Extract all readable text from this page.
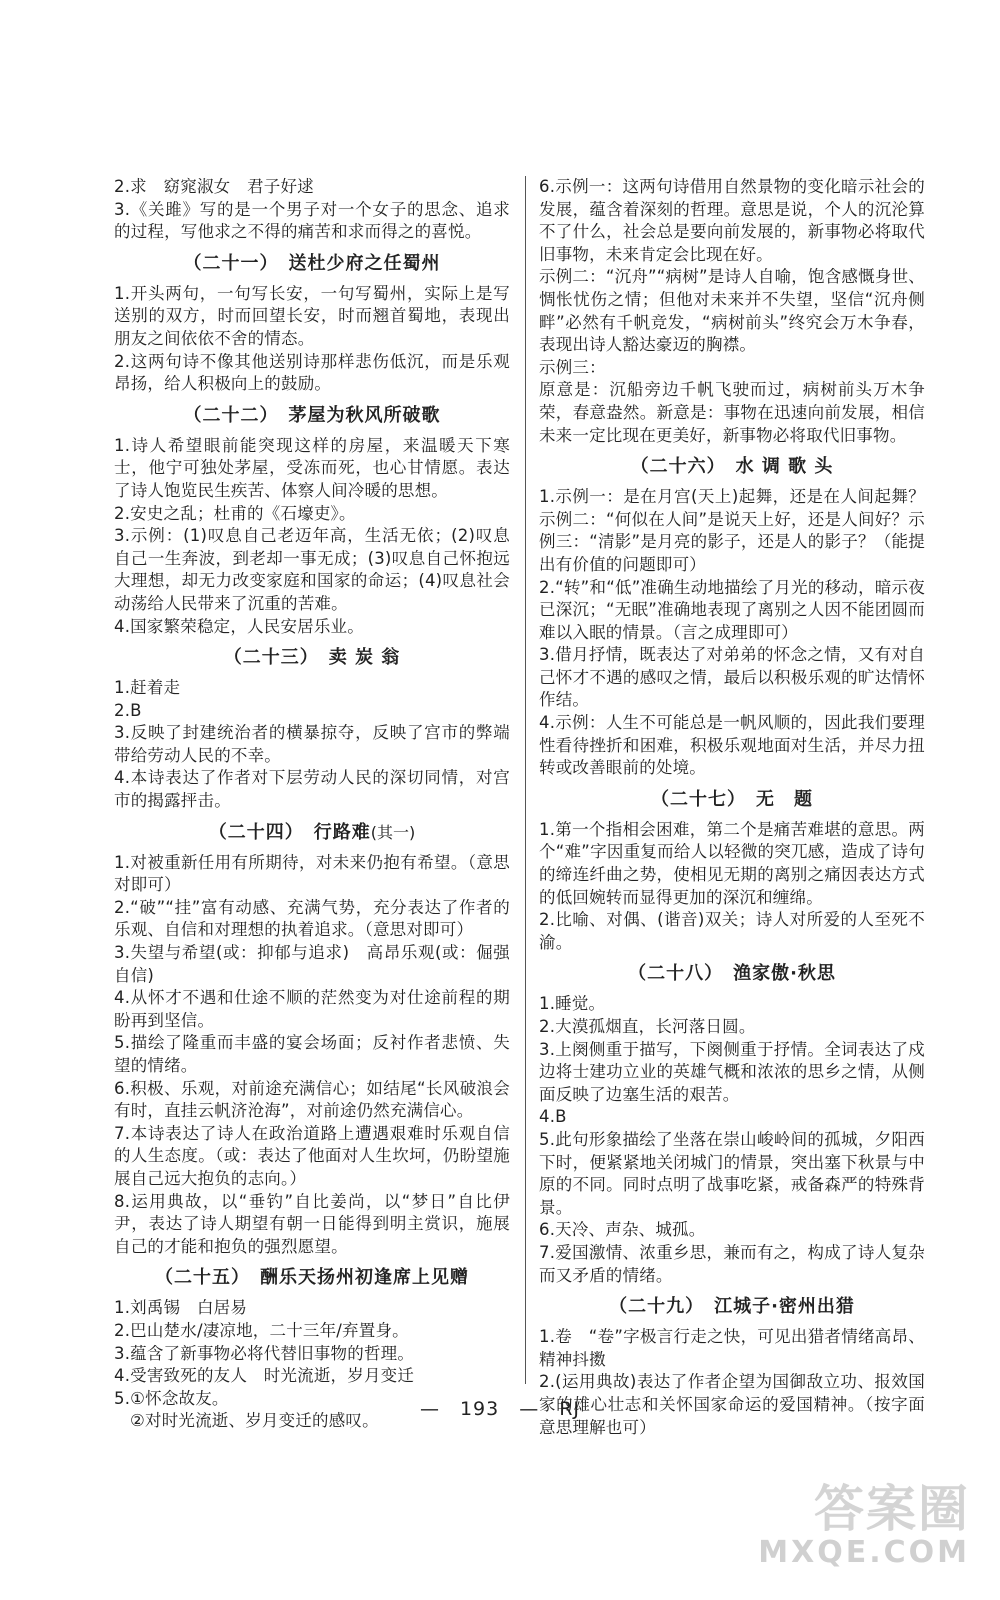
2.求　窈窕淑女　君子好逑

3.《关雎》写的是一个男子对一个女子的思念、追求的过程，写他求之不得的痛苦和求而得之的喜悦。

（二十一）　送杜少府之任蜀州

1.开头两句，一句写长安，一句写蜀州，实际上是写送别的双方，时而回望长安，时而翘首蜀地，表现出朋友之间依依不舍的情态。

2.这两句诗不像其他送别诗那样悲伤低沉，而是乐观昂扬，给人积极向上的鼓励。

（二十二）　茅屋为秋风所破歌

1.诗人希望眼前能突现这样的房屋，来温暖天下寒士，他宁可独处茅屋，受冻而死，也心甘情愿。表达了诗人饱览民生疾苦、体察人间冷暖的思想。

2.安史之乱；杜甫的《石壕吏》。

3.示例：(1)叹息自己老迈年高，生活无依；(2)叹息自己一生奔波，到老却一事无成；(3)叹息自己怀抱远大理想，却无力改变家庭和国家的命运；(4)叹息社会动荡给人民带来了沉重的苦难。

4.国家繁荣稳定，人民安居乐业。

（二十三）　卖 炭 翁

1.赶着走

2.B

3.反映了封建统治者的横暴掠夺，反映了宫市的弊端带给劳动人民的不幸。

4.本诗表达了作者对下层劳动人民的深切同情，对宫市的揭露抨击。

（二十四）　行路难(其一)

1.对被重新任用有所期待，对未来仍抱有希望。（意思对即可）

2.“破”“挂”富有动感、充满气势，充分表达了作者的乐观、自信和对理想的执着追求。（意思对即可）

3.失望与希望(或：抑郁与追求)　高昂乐观(或：倔强自信)

4.从怀才不遇和仕途不顺的茫然变为对仕途前程的期盼再到坚信。

5.描绘了隆重而丰盛的宴会场面；反衬作者悲愤、失望的情绪。

6.积极、乐观，对前途充满信心；如结尾“长风破浪会有时，直挂云帆济沧海”，对前途仍然充满信心。

7.本诗表达了诗人在政治道路上遭遇艰难时乐观自信的人生态度。（或：表达了他面对人生坎坷，仍盼望施展自己远大抱负的志向。）

8.运用典故，以“垂钓”自比姜尚，以“梦日”自比伊尹，表达了诗人期望有朝一日能得到明主赏识，施展自己的才能和抱负的强烈愿望。

（二十五）　酬乐天扬州初逢席上见赠

1.刘禹锡　白居易

2.巴山楚水/凄凉地，二十三年/弃置身。

3.蕴含了新事物必将代替旧事物的哲理。

4.受害致死的友人　时光流逝，岁月变迁

5.①怀念故友。

②对时光流逝、岁月变迁的感叹。

6.示例一：这两句诗借用自然景物的变化暗示社会的发展，蕴含着深刻的哲理。意思是说，个人的沉沦算不了什么，社会总是要向前发展的，新事物必将取代旧事物，未来肯定会比现在好。

示例二：“沉舟”“病树”是诗人自喻，饱含感慨身世、惆怅忧伤之情；但他对未来并不失望，坚信“沉舟侧畔”必然有千帆竞发，“病树前头”终究会万木争春，表现出诗人豁达豪迈的胸襟。

示例三：

原意是：沉船旁边千帆飞驶而过，病树前头万木争荣，春意盎然。新意是：事物在迅速向前发展，相信未来一定比现在更美好，新事物必将取代旧事物。

（二十六）　水 调 歌 头

1.示例一：是在月宫(天上)起舞，还是在人间起舞？示例二：“何似在人间”是说天上好，还是人间好？示例三：“清影”是月亮的影子，还是人的影子？（能提出有价值的问题即可）

2.“转”和“低”准确生动地描绘了月光的移动，暗示夜已深沉；“无眠”准确地表现了离别之人因不能团圆而难以入眠的情景。（言之成理即可）

3.借月抒情，既表达了对弟弟的怀念之情，又有对自己怀才不遇的感叹之情，最后以积极乐观的旷达情怀作结。

4.示例：人生不可能总是一帆风顺的，因此我们要理性看待挫折和困难，积极乐观地面对生活，并尽力扭转或改善眼前的处境。

（二十七）　无　题

1.第一个指相会困难，第二个是痛苦难堪的意思。两个“难”字因重复而给人以轻微的突兀感，造成了诗句的缔连纤曲之势，使相见无期的离别之痛因表达方式的低回婉转而显得更加的深沉和缠绵。

2.比喻、对偶、(谐音)双关；诗人对所爱的人至死不渝。

（二十八）　渔家傲·秋思

1.睡觉。

2.大漠孤烟直，长河落日圆。

3.上阕侧重于描写，下阕侧重于抒情。全词表达了戍边将士建功立业的英雄气概和浓浓的思乡之情，从侧面反映了边塞生活的艰苦。

4.B

5.此句形象描绘了坐落在崇山峻岭间的孤城，夕阳西下时，便紧紧地关闭城门的情景，突出塞下秋景与中原的不同。同时点明了战事吃紧，戒备森严的特殊背景。

6.天冷、声杂、城孤。

7.爱国激情、浓重乡思，兼而有之，构成了诗人复杂而又矛盾的情绪。

（二十九）　江城子·密州出猎

1.卷　“卷”字极言行走之快，可见出猎者情绪高昂、精神抖擞

2.(运用典故)表达了作者企望为国御敌立功、报效国家的雄心壮志和关怀国家命运的爱国精神。（按字面意思理解也可）

—　193　—　RJ
答案圈
MXQE.COM
